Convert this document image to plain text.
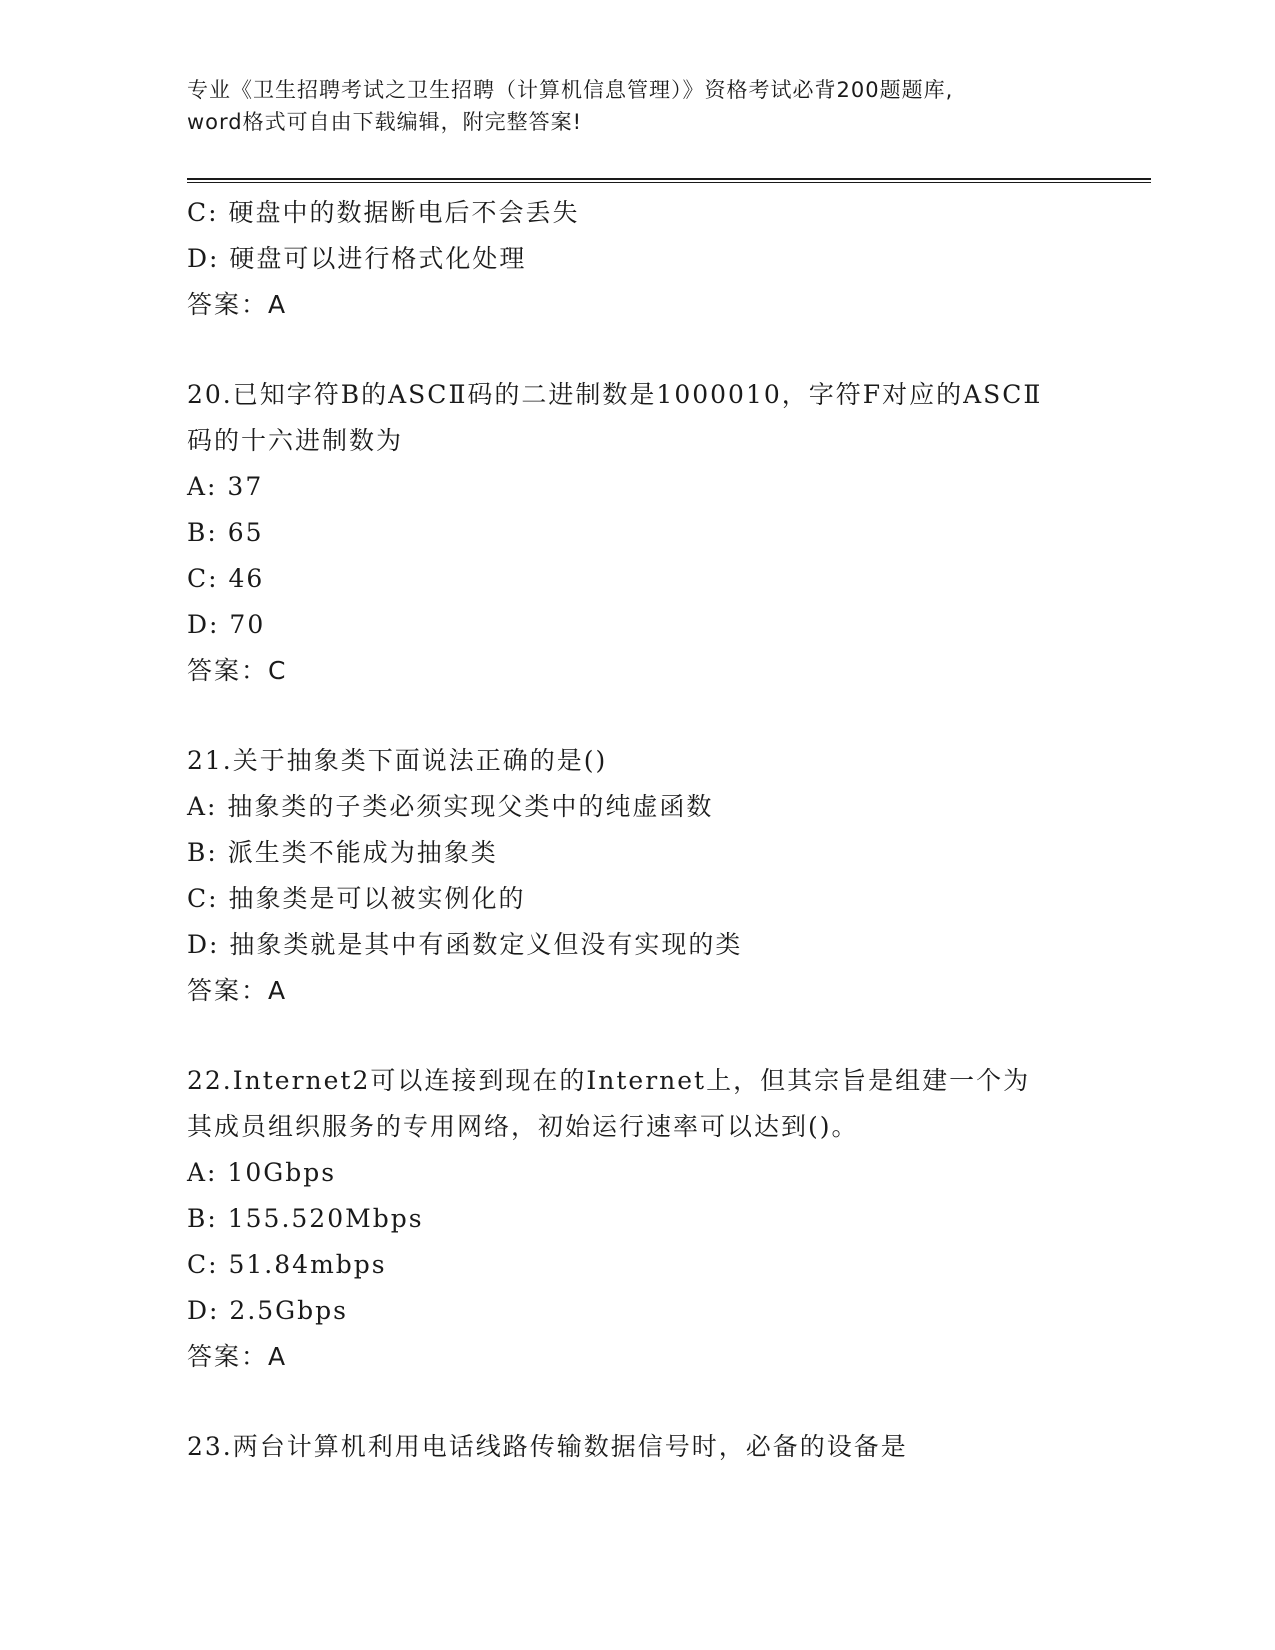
专业《卫生招聘考试之卫生招聘（计算机信息管理）》资格考试必背200题题库,
word格式可自由下载编辑，附完整答案!
C: 硬盘中的数据断电后不会丢失
D: 硬盘可以进行格式化处理
答案：A
20.已知字符B的ASCⅡ码的二进制数是1000010，字符F对应的ASCⅡ
码的十六进制数为
A: 37
B: 65
C: 46
D: 70
答案：C
21.关于抽象类下面说法正确的是()
A: 抽象类的子类必须实现父类中的纯虚函数
B: 派生类不能成为抽象类
C: 抽象类是可以被实例化的
D: 抽象类就是其中有函数定义但没有实现的类
答案：A
22.Internet2可以连接到现在的Internet上，但其宗旨是组建一个为
其成员组织服务的专用网络，初始运行速率可以达到()。
A: 10Gbps
B: 155.520Mbps
C: 51.84mbps
D: 2.5Gbps
答案：A
23.两台计算机利用电话线路传输数据信号时，必备的设备是
